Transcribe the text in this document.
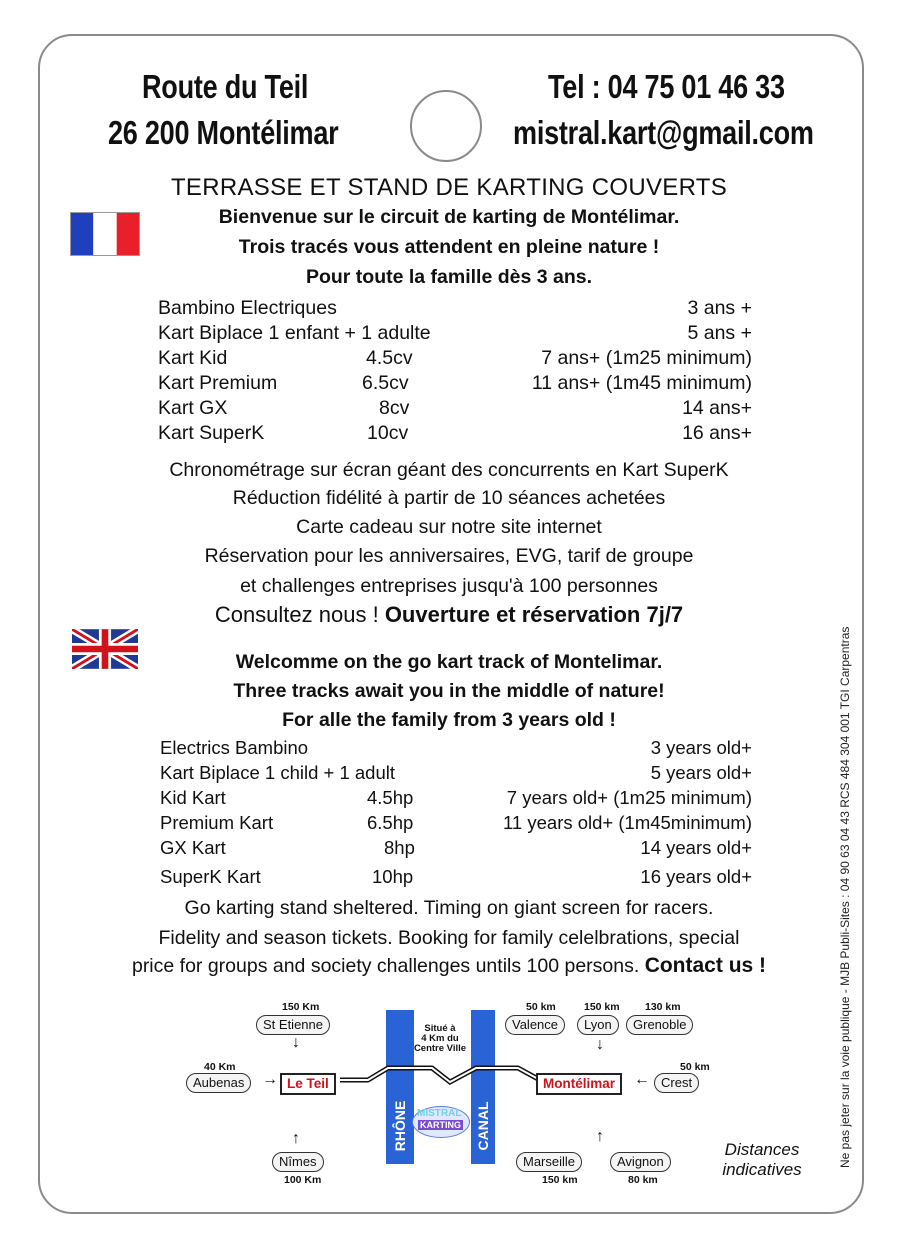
Route du Teil
26 200 Montélimar
Tel : 04 75 01 46 33
mistral.kart@gmail.com
TERRASSE ET STAND DE KARTING COUVERTS
Bienvenue sur le circuit de karting de Montélimar.
Trois tracés vous attendent en pleine nature !
Pour toute la famille dès 3 ans.
Bambino Electriques	3 ans +
Kart Biplace 1 enfant + 1 adulte	5 ans +
Kart Kid	4.5cv	7 ans+ (1m25 minimum)
Kart Premium	6.5cv	11 ans+ (1m45 minimum)
Kart GX	8cv	14 ans+
Kart SuperK	10cv	16 ans+
Chronométrage sur écran géant des concurrents en Kart SuperK
Réduction fidélité à partir de 10 séances achetées
Carte cadeau sur notre site internet
Réservation pour les anniversaires, EVG, tarif de groupe
et challenges entreprises jusqu'à 100 personnes
Consultez nous ! Ouverture et réservation 7j/7
Welcomme on the go kart track of Montelimar.
Three tracks await you in the middle of nature!
For alle the family from 3 years old !
Electrics Bambino	3 years old+
Kart Biplace 1 child + 1 adult	5 years old+
Kid Kart	4.5hp	7 years old+ (1m25 minimum)
Premium Kart	6.5hp	11 years old+ (1m45minimum)
GX Kart	8hp	14 years old+
SuperK Kart	10hp	16 years old+
Go karting stand sheltered. Timing on giant screen for racers.
Fidelity and season tickets. Booking for family celelbrations, special
price for groups and society challenges untils 100 persons. Contact us !	Ne pas jeter sur la voie publique - MJB Publi-Sites : 04 90 63 04 43 RCS 484 304 001 TGI Carpentras
RHÔNE	CANAL
Situé à
4 Km du
Centre Ville
MISTRAL
KARTING
150 Km
St Etienne
↓
40 Km
Aubenas	→ Le Teil
↑
Nîmes
100 Km
50 km
Valence
150 km
Lyon
130 km
Grenoble
↓
Montélimar	←
50 km
Crest
↑
Marseille
150 km
Avignon
80 km
Distances
indicatives
